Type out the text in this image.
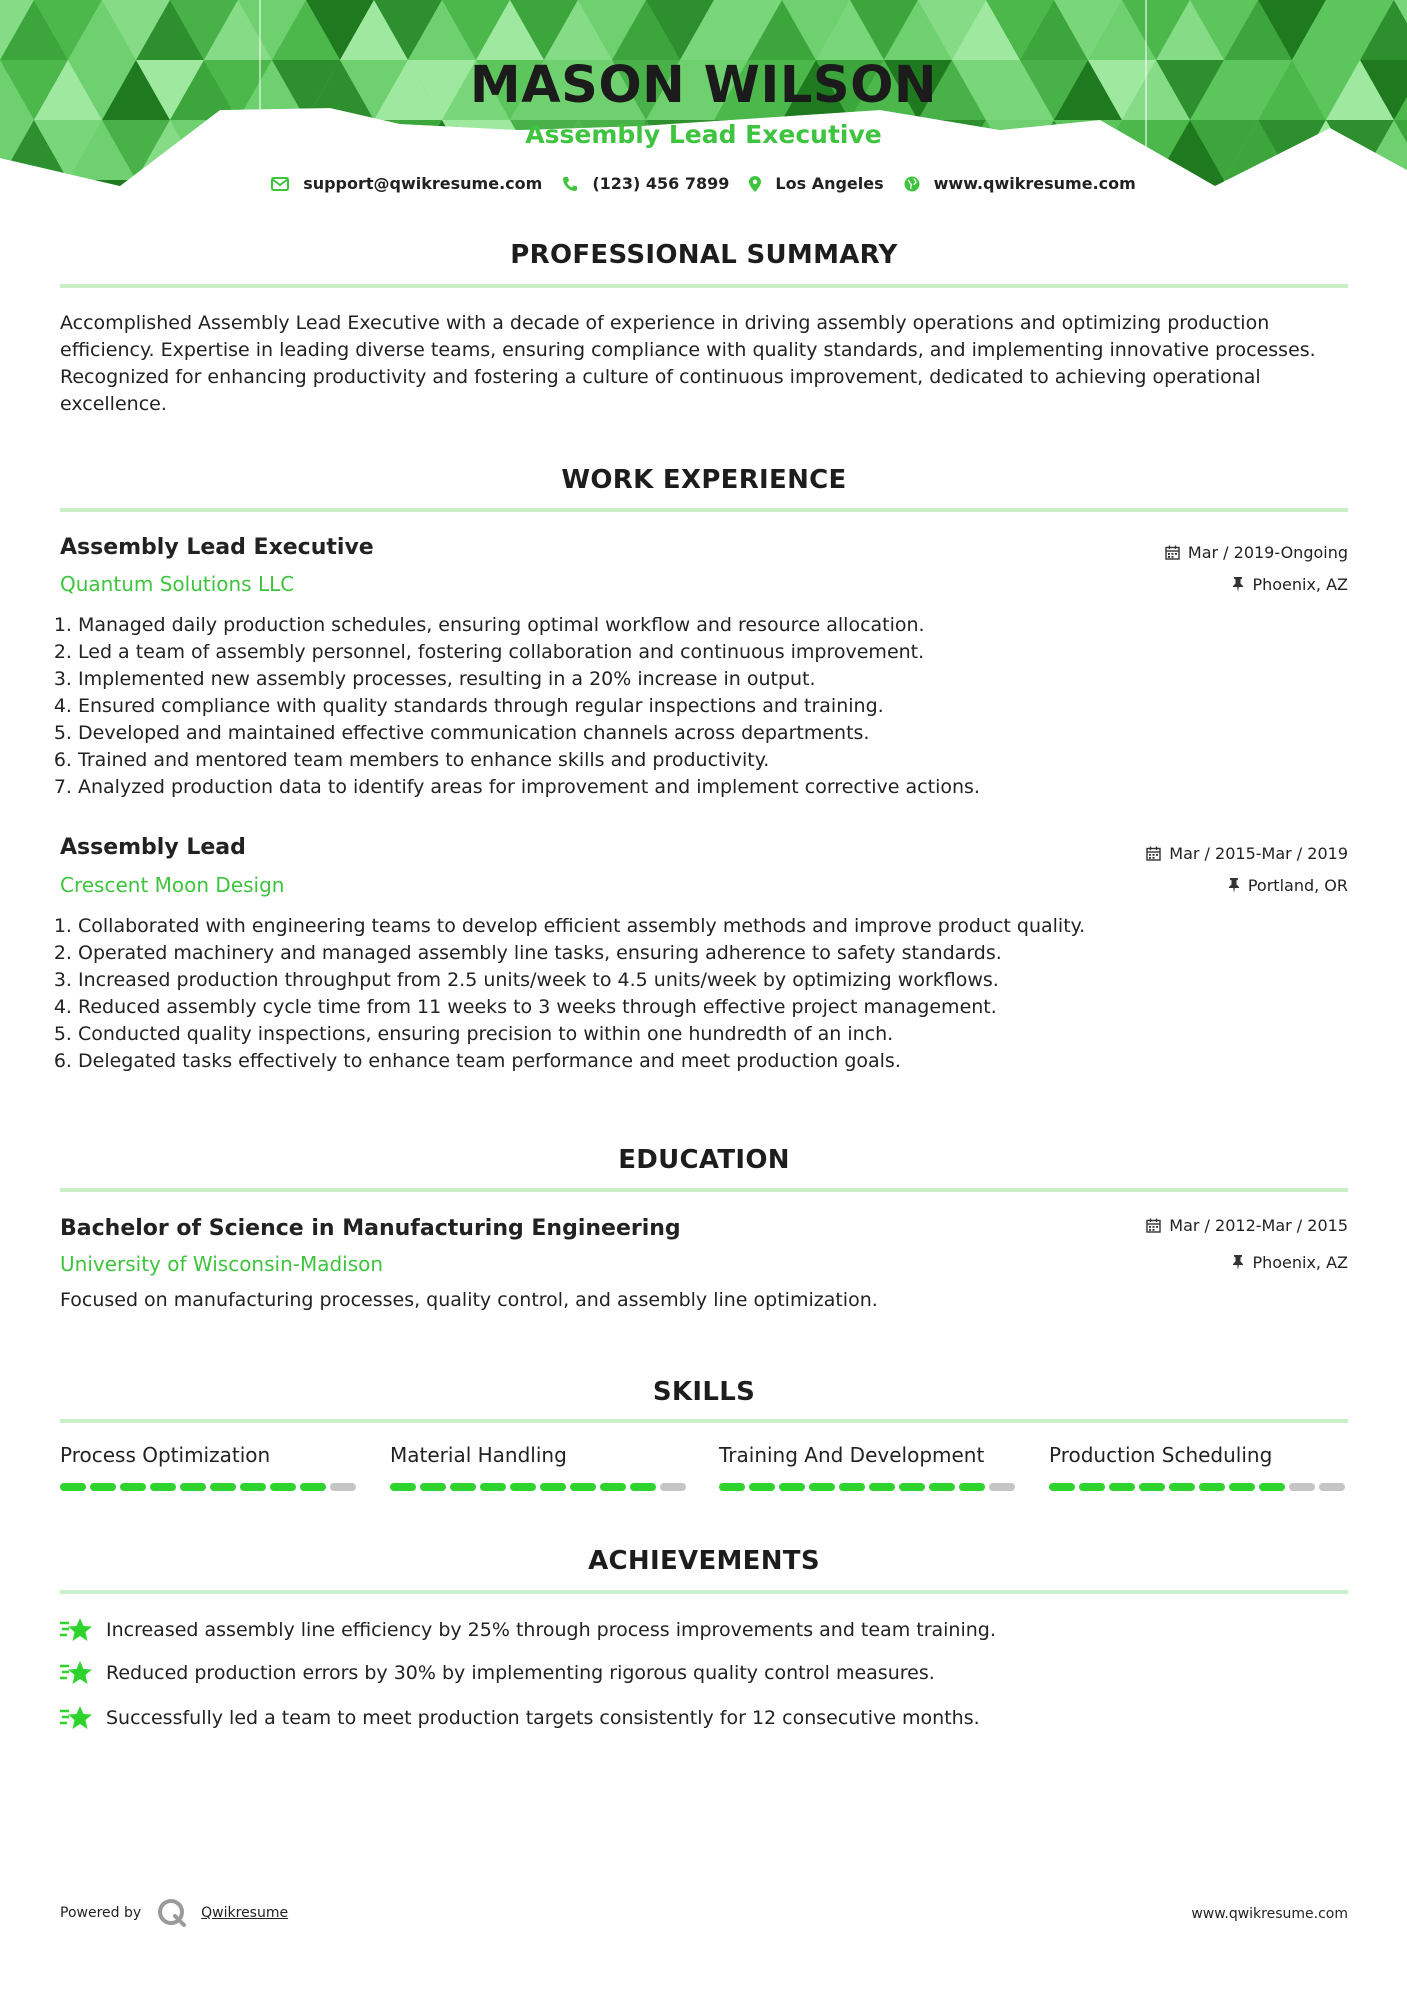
MASON WILSON
Assembly Lead Executive
support@qwikresume.com	(123) 456 7899	Los Angeles	www.qwikresume.com
PROFESSIONAL SUMMARY

Accomplished Assembly Lead Executive with a decade of experience in driving assembly operations and optimizing production efficiency. Expertise in leading diverse teams, ensuring compliance with quality standards, and implementing innovative processes. Recognized for enhancing productivity and fostering a culture of continuous improvement, dedicated to achieving operational excellence.

WORK EXPERIENCE
Assembly Lead Executive	Mar / 2019-Ongoing
Quantum Solutions LLC	Phoenix, AZ
1. Managed daily production schedules, ensuring optimal workflow and resource allocation.
2. Led a team of assembly personnel, fostering collaboration and continuous improvement.
3. Implemented new assembly processes, resulting in a 20% increase in output.
4. Ensured compliance with quality standards through regular inspections and training.
5. Developed and maintained effective communication channels across departments.
6. Trained and mentored team members to enhance skills and productivity.
7. Analyzed production data to identify areas for improvement and implement corrective actions.
Assembly Lead	Mar / 2015-Mar / 2019
Crescent Moon Design	Portland, OR
1. Collaborated with engineering teams to develop efficient assembly methods and improve product quality.
2. Operated machinery and managed assembly line tasks, ensuring adherence to safety standards.
3. Increased production throughput from 2.5 units/week to 4.5 units/week by optimizing workflows.
4. Reduced assembly cycle time from 11 weeks to 3 weeks through effective project management.
5. Conducted quality inspections, ensuring precision to within one hundredth of an inch.
6. Delegated tasks effectively to enhance team performance and meet production goals.
EDUCATION
Bachelor of Science in Manufacturing Engineering	Mar / 2012-Mar / 2015
University of Wisconsin-Madison	Phoenix, AZ
Focused on manufacturing processes, quality control, and assembly line optimization.
SKILLS
Process Optimization	Material Handling	Training And Development	Production Scheduling
ACHIEVEMENTS
Increased assembly line efficiency by 25% through process improvements and team training.
Reduced production errors by 30% by implementing rigorous quality control measures.
Successfully led a team to meet production targets consistently for 12 consecutive months.
Powered by	Qwikresume	www.qwikresume.com
